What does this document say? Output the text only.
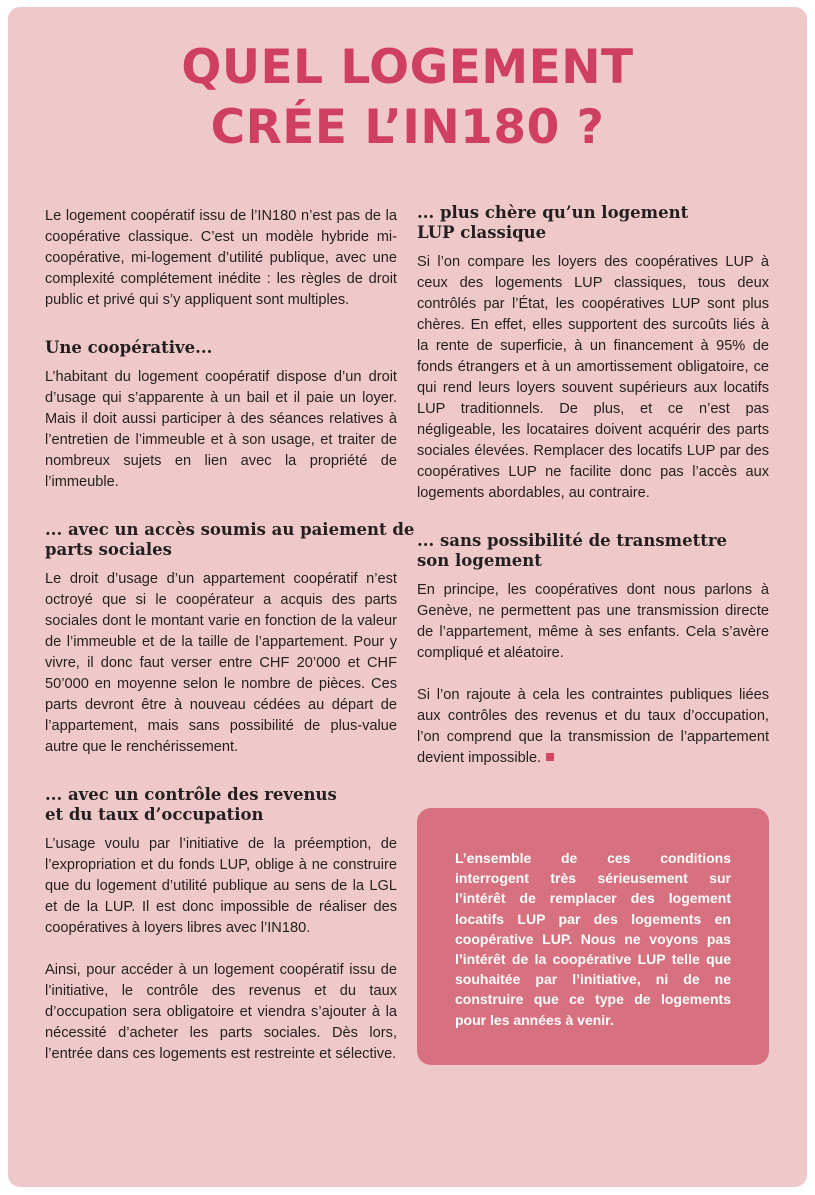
QUEL LOGEMENT
CRÉE L’IN180 ?

Le logement coopératif issu de l’IN180 n’est pas de la coopérative classique. C’est un modèle hybride mi-coopérative, mi-logement d’utilité publique, avec une complexité complétement inédite : les règles de droit public et privé qui s’y appliquent sont multiples.

Une coopérative...

L’habitant du logement coopératif dispose d’un droit d’usage qui s’apparente à un bail et il paie un loyer. Mais il doit aussi participer à des séances relatives à l’entretien de l’immeuble et à son usage, et traiter de nombreux sujets en lien avec la propriété de l’immeuble.

... avec un accès soumis au paiement de
parts sociales

Le droit d’usage d’un appartement coopératif n’est octroyé que si le coopérateur a acquis des parts sociales dont le montant varie en fonction de la valeur de l’immeuble et de la taille de l’appartement. Pour y vivre, il donc faut verser entre CHF 20’000 et CHF 50’000 en moyenne selon le nombre de pièces. Ces parts devront être à nouveau cédées au départ de l’appartement, mais sans possibilité de plus-value autre que le renchérissement.

... avec un contrôle des revenus
et du taux d’occupation

L’usage voulu par l’initiative de la préemption, de l’expropriation et du fonds LUP, oblige à ne construire que du logement d’utilité publique au sens de la LGL et de la LUP. Il est donc impossible de réaliser des coopératives à loyers libres avec l’IN180.

Ainsi, pour accéder à un logement coopératif issu de l’initiative, le contrôle des revenus et du taux d’occupation sera obligatoire et viendra s’ajouter à la nécessité d’acheter les parts sociales. Dès lors, l’entrée dans ces logements est restreinte et sélective.

... plus chère qu’un logement
LUP classique

Si l’on compare les loyers des coopératives LUP à ceux des logements LUP classiques, tous deux contrôlés par l’État, les coopératives LUP sont plus chères. En effet, elles supportent des surcoûts liés à la rente de superficie, à un financement à 95% de fonds étrangers et à un amortissement obligatoire, ce qui rend leurs loyers souvent supérieurs aux locatifs LUP traditionnels. De plus, et ce n’est pas négligeable, les locataires doivent acquérir des parts sociales élevées. Remplacer des locatifs LUP par des coopératives LUP ne facilite donc pas l’accès aux logements abordables, au contraire.

... sans possibilité de transmettre
son logement

En principe, les coopératives dont nous parlons à Genève, ne permettent pas une transmission directe de l’appartement, même à ses enfants. Cela s’avère compliqué et aléatoire.

Si l’on rajoute à cela les contraintes publiques liées aux contrôles des revenus et du taux d’occupation, l’on comprend que la transmission de l’appartement devient impossible.

L’ensemble de ces conditions interrogent très sérieusement sur l’intérêt de remplacer des logement locatifs LUP par des logements en coopérative LUP. Nous ne voyons pas l’intérêt de la coopérative LUP telle que souhaitée par l’initiative, ni de ne construire que ce type de logements pour les années à venir.
